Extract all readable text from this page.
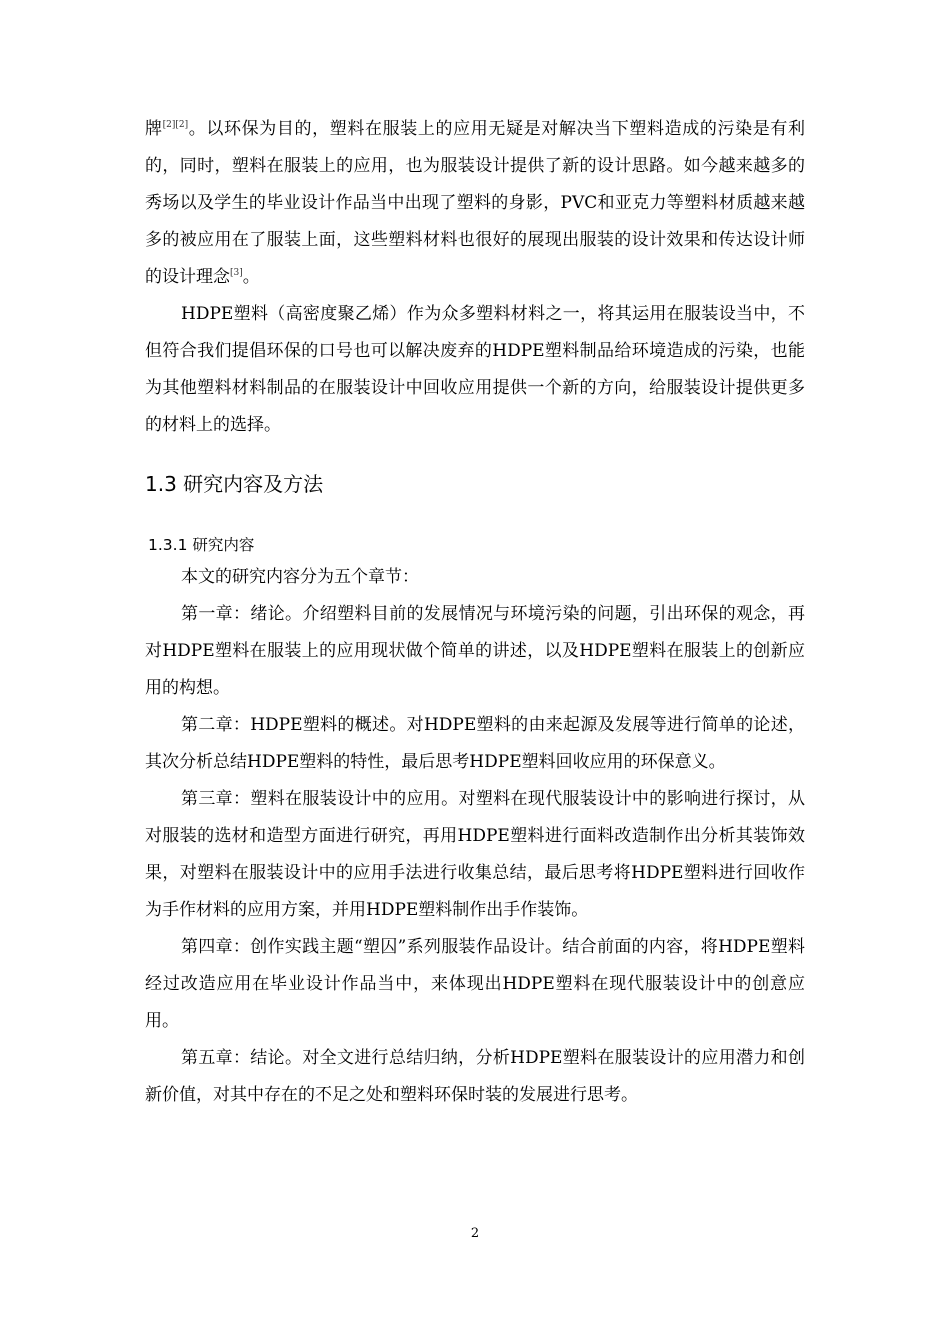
牌[2][2]。以环保为目的，塑料在服装上的应用无疑是对解决当下塑料造成的污染是有利的，同时，塑料在服装上的应用，也为服装设计提供了新的设计思路。如今越来越多的秀场以及学生的毕业设计作品当中出现了塑料的身影，PVC和亚克力等塑料材质越来越多的被应用在了服装上面，这些塑料材料也很好的展现出服装的设计效果和传达设计师的设计理念[3]。

HDPE塑料（高密度聚乙烯）作为众多塑料材料之一，将其运用在服装设当中，不但符合我们提倡环保的口号也可以解决废弃的HDPE塑料制品给环境造成的污染，也能为其他塑料材料制品的在服装设计中回收应用提供一个新的方向，给服装设计提供更多的材料上的选择。

1.3 研究内容及方法
1.3.1 研究内容

本文的研究内容分为五个章节：

第一章：绪论。介绍塑料目前的发展情况与环境污染的问题，引出环保的观念，再对HDPE塑料在服装上的应用现状做个简单的讲述，以及HDPE塑料在服装上的创新应用的构想。

第二章：HDPE塑料的概述。对HDPE塑料的由来起源及发展等进行简单的论述，其次分析总结HDPE塑料的特性，最后思考HDPE塑料回收应用的环保意义。

第三章：塑料在服装设计中的应用。对塑料在现代服装设计中的影响进行探讨，从对服装的选材和造型方面进行研究，再用HDPE塑料进行面料改造制作出分析其装饰效果，对塑料在服装设计中的应用手法进行收集总结，最后思考将HDPE塑料进行回收作为手作材料的应用方案，并用HDPE塑料制作出手作装饰。

第四章：创作实践主题“塑囚”系列服装作品设计。结合前面的内容，将HDPE塑料经过改造应用在毕业设计作品当中，来体现出HDPE塑料在现代服装设计中的创意应用。

第五章：结论。对全文进行总结归纳，分析HDPE塑料在服装设计的应用潜力和创新价值，对其中存在的不足之处和塑料环保时装的发展进行思考。

2
